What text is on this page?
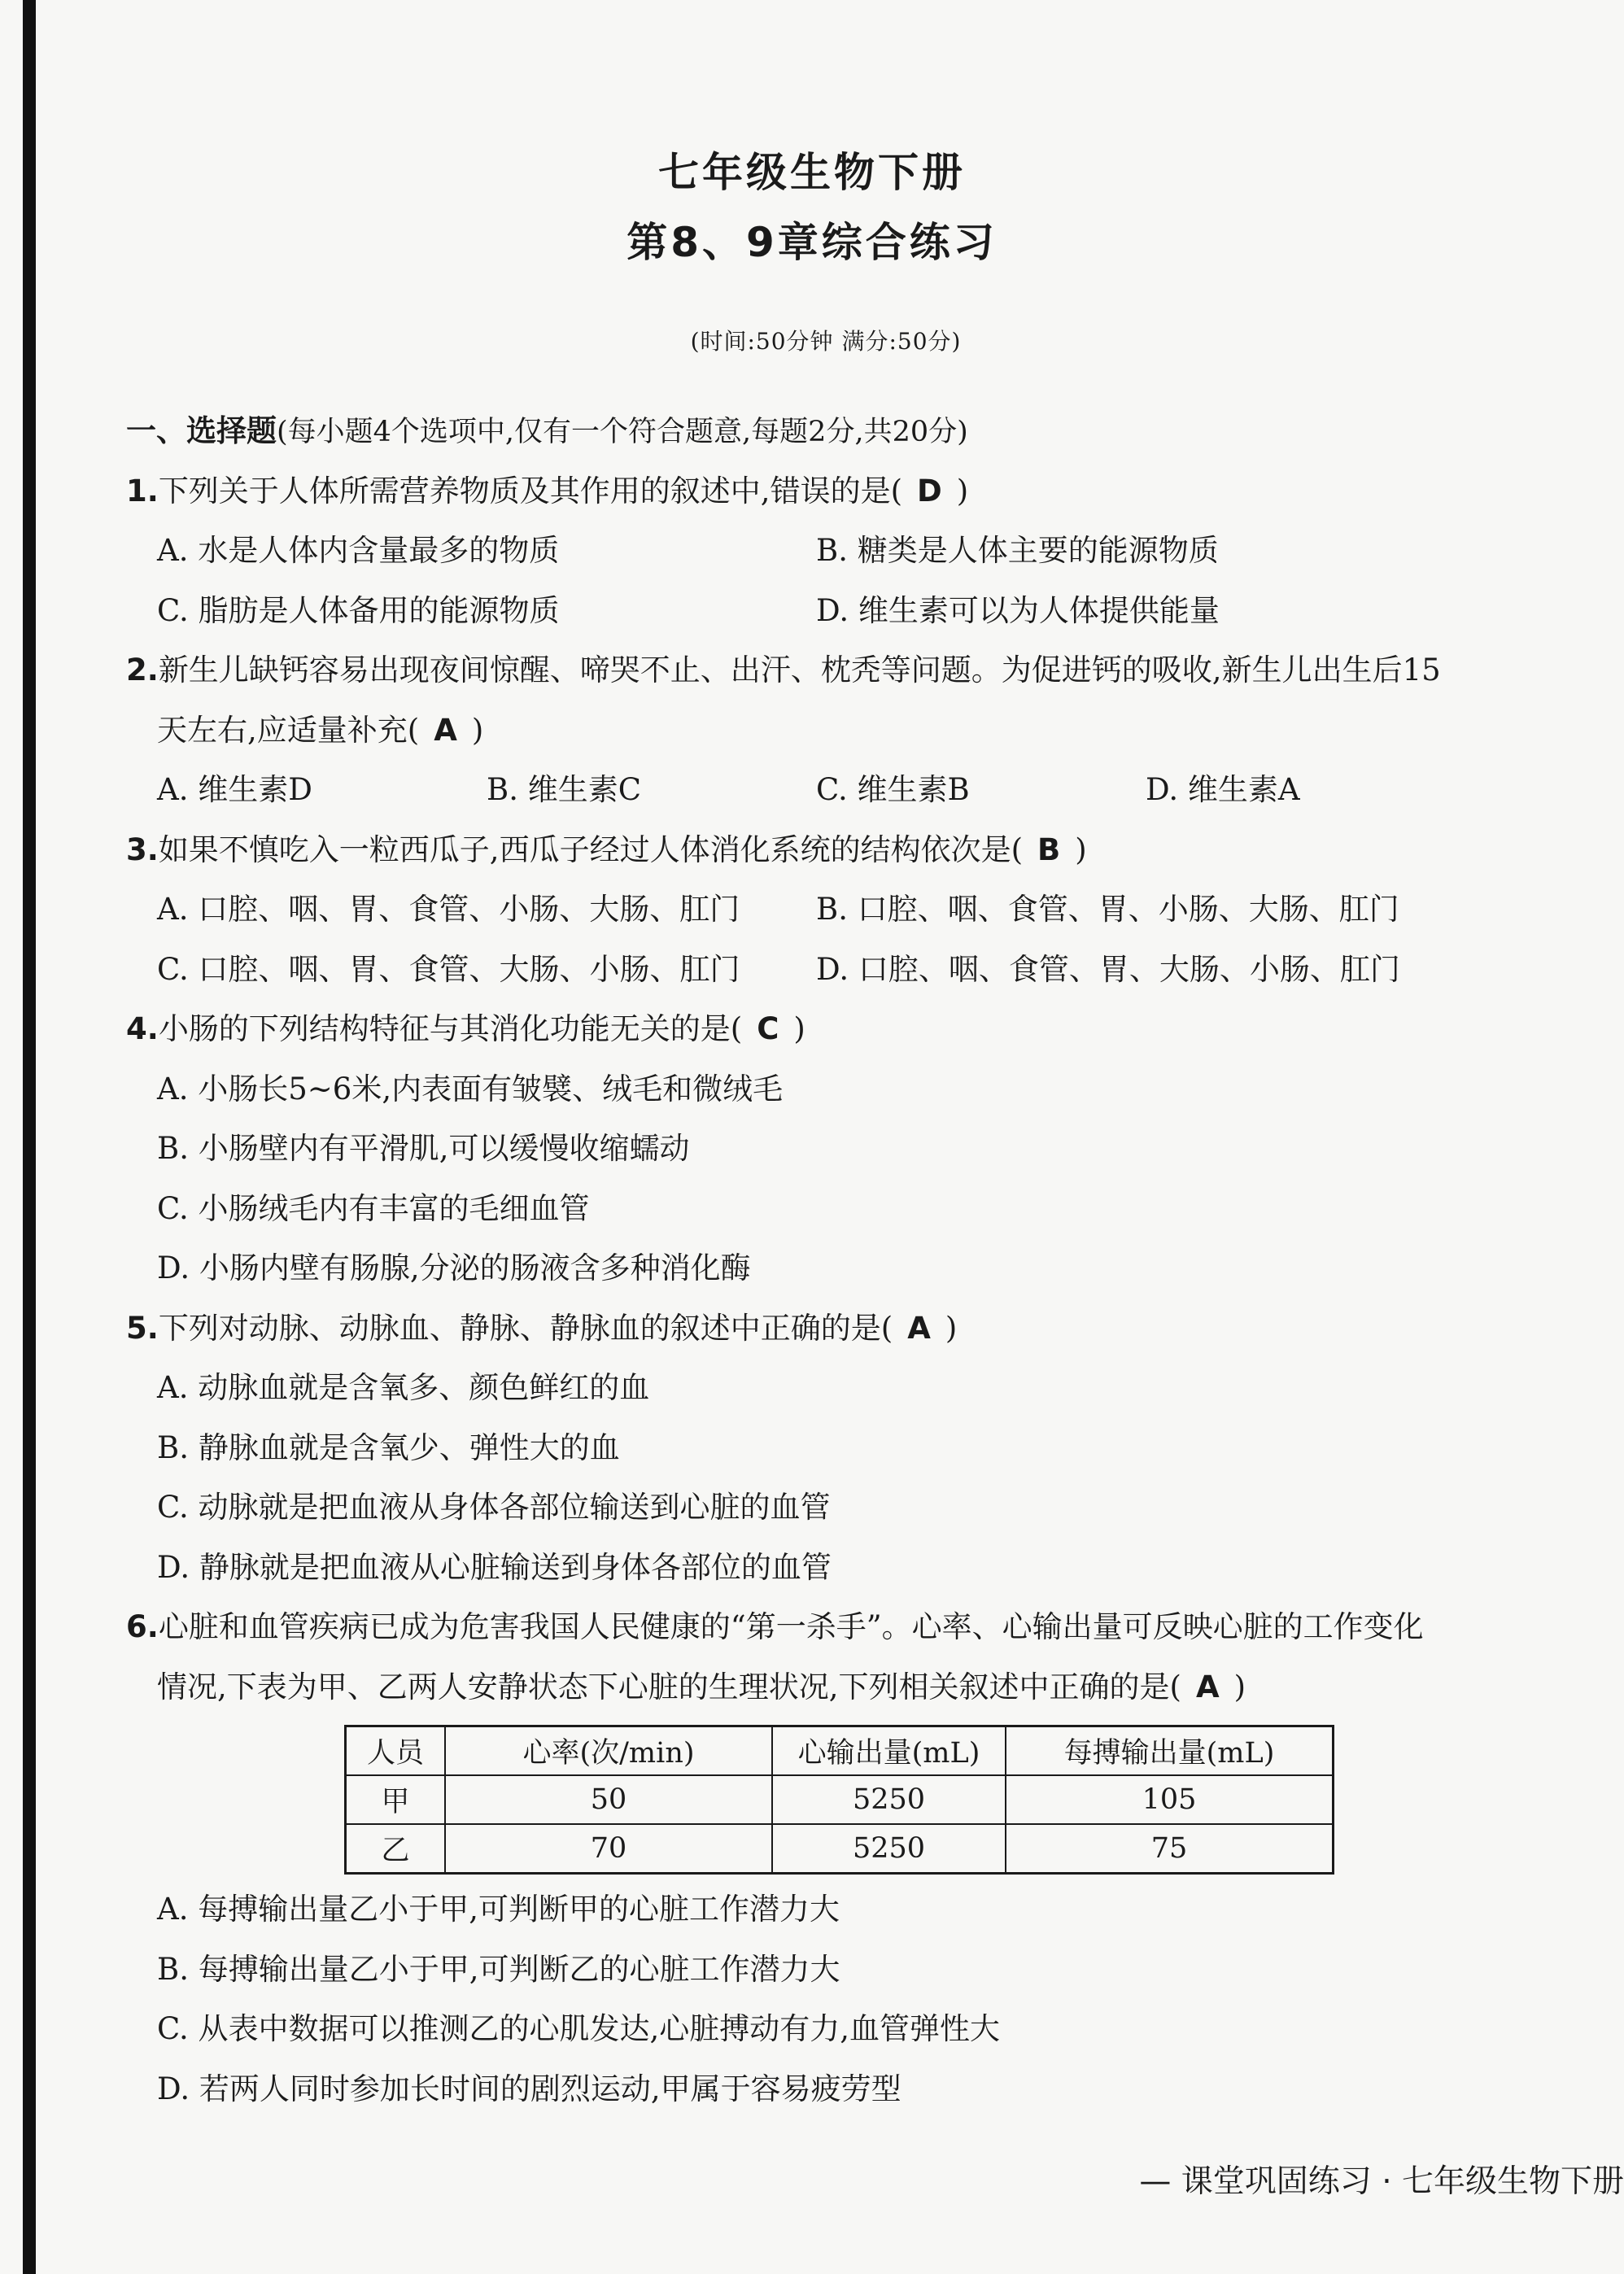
七年级生物下册
第8、9章综合练习
(时间:50分钟 满分:50分)
一、选择题(每小题4个选项中,仅有一个符合题意,每题2分,共20分)
1.下列关于人体所需营养物质及其作用的叙述中,错误的是( D )
A. 水是人体内含量最多的物质	B. 糖类是人体主要的能源物质
C. 脂肪是人体备用的能源物质	D. 维生素可以为人体提供能量
2.新生儿缺钙容易出现夜间惊醒、啼哭不止、出汗、枕秃等问题。为促进钙的吸收,新生儿出生后15
天左右,应适量补充( A )
A. 维生素D	B. 维生素C	C. 维生素B	D. 维生素A
3.如果不慎吃入一粒西瓜子,西瓜子经过人体消化系统的结构依次是( B )
A. 口腔、咽、胃、食管、小肠、大肠、肛门	B. 口腔、咽、食管、胃、小肠、大肠、肛门
C. 口腔、咽、胃、食管、大肠、小肠、肛门	D. 口腔、咽、食管、胃、大肠、小肠、肛门
4.小肠的下列结构特征与其消化功能无关的是( C )
A. 小肠长5~6米,内表面有皱襞、绒毛和微绒毛
B. 小肠壁内有平滑肌,可以缓慢收缩蠕动
C. 小肠绒毛内有丰富的毛细血管
D. 小肠内壁有肠腺,分泌的肠液含多种消化酶
5.下列对动脉、动脉血、静脉、静脉血的叙述中正确的是( A )
A. 动脉血就是含氧多、颜色鲜红的血
B. 静脉血就是含氧少、弹性大的血
C. 动脉就是把血液从身体各部位输送到心脏的血管
D. 静脉就是把血液从心脏输送到身体各部位的血管
6.心脏和血管疾病已成为危害我国人民健康的“第一杀手”。心率、心输出量可反映心脏的工作变化
情况,下表为甲、乙两人安静状态下心脏的生理状况,下列相关叙述中正确的是( A )
人员	心率(次/min)	心输出量(mL)	每搏输出量(mL)
甲	50	5250	105
乙	70	5250	75
A. 每搏输出量乙小于甲,可判断甲的心脏工作潜力大
B. 每搏输出量乙小于甲,可判断乙的心脏工作潜力大
C. 从表中数据可以推测乙的心肌发达,心脏搏动有力,血管弹性大
D. 若两人同时参加长时间的剧烈运动,甲属于容易疲劳型
— 课堂巩固练习 · 七年级生物下册
